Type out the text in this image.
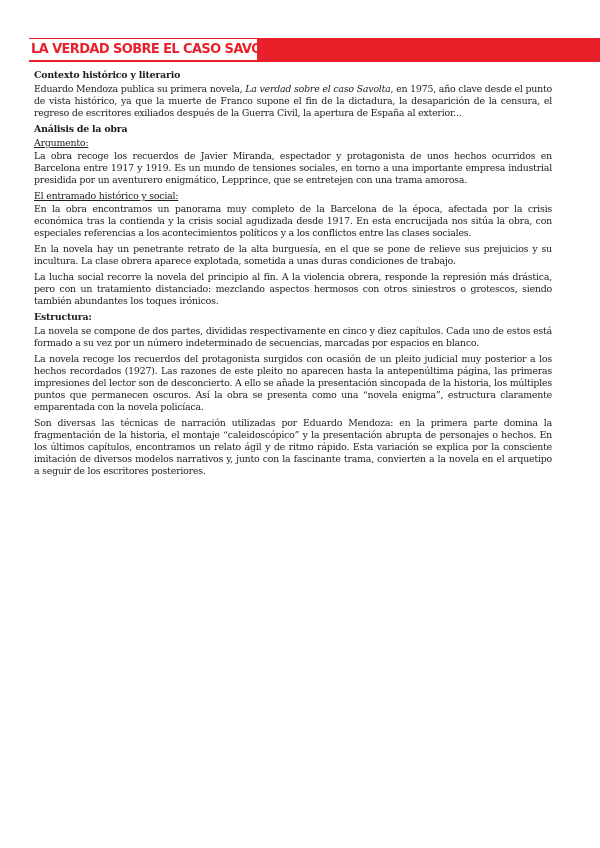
LA VERDAD SOBRE EL CASO SAVOLTA
Contexto histórico y literario

Eduardo Mendoza publica su primera novela, La verdad sobre el caso Savolta, en 1975, año clave desde el punto de vista histórico, ya que la muerte de Franco supone el fin de la dictadura, la desaparición de la censura, el regreso de escritores exiliados después de la Guerra Civil, la apertura de España al exterior...

Análisis de la obra
Argumento:

La obra recoge los recuerdos de Javier Miranda, espectador y protagonista de unos hechos ocurridos en Barcelona entre 1917 y 1919. Es un mundo de tensiones sociales, en torno a una importante empresa industrial presidida por un aventurero enigmático, Lepprince, que se entretejen con una trama amorosa.

El entramado histórico y social:

En la obra encontramos un panorama muy completo de la Barcelona de la época, afectada por la crisis económica tras la contienda y la crisis social agudizada desde 1917. En esta encrucijada nos sitúa la obra, con especiales referencias a los acontecimientos políticos y a los conflictos entre las clases sociales.

En la novela hay un penetrante retrato de la alta burguesía, en el que se pone de relieve sus prejuicios y su incultura. La clase obrera aparece explotada, sometida a unas duras condiciones de trabajo.

La lucha social recorre la novela del principio al fin. A la violencia obrera, responde la represión más drástica, pero con un tratamiento distanciado: mezclando aspectos hermosos con otros siniestros o grotescos, siendo también abundantes los toques irónicos.

Estructura:

La novela se compone de dos partes, divididas respectivamente en cinco y diez capítulos. Cada uno de estos está formado a su vez por un número indeterminado de secuencias, marcadas por espacios en blanco.

La novela recoge los recuerdos del protagonista surgidos con ocasión de un pleito judicial muy posterior a los hechos recordados (1927). Las razones de este pleito no aparecen hasta la antepenúltima página, las primeras impresiones del lector son de desconcierto. A ello se añade la presentación sincopada de la historia, los múltiples puntos que permanecen oscuros. Así la obra se presenta como una “novela enigma”, estructura claramente emparentada con la novela policíaca.

Son diversas las técnicas de narración utilizadas por Eduardo Mendoza: en la primera parte domina la fragmentación de la historia, el montaje “caleidoscópico” y la presentación abrupta de personajes o hechos. En los últimos capítulos, encontramos un relato ágil y de ritmo rápido. Esta variación se explica por la consciente imitación de diversos modelos narrativos y, junto con la fascinante trama, convierten a la novela en el arquetipo a seguir de los escritores posteriores.
